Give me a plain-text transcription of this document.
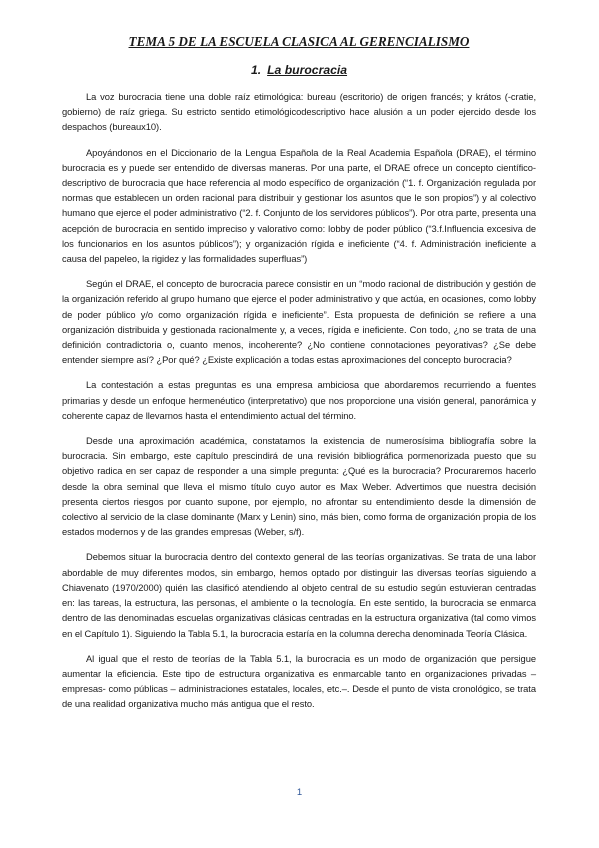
TEMA 5 DE LA ESCUELA CLASICA AL GERENCIALISMO
1. La burocracia

La voz burocracia tiene una doble raíz etimológica: bureau (escritorio) de origen francés; y krátos (-cratie, gobierno) de raíz griega. Su estricto sentido etimológicodescriptivo hace alusión a un poder ejercido desde los despachos (bureaux10).

Apoyándonos en el Diccionario de la Lengua Española de la Real Academia Española (DRAE), el término burocracia es y puede ser entendido de diversas maneras. Por una parte, el DRAE ofrece un concepto científico-descriptivo de burocracia que hace referencia al modo específico de organización (“1. f. Organización regulada por normas que establecen un orden racional para distribuir y gestionar los asuntos que le son propios”) y al colectivo humano que ejerce el poder administrativo (“2. f. Conjunto de los servidores públicos”). Por otra parte, presenta una acepción de burocracia en sentido impreciso y valorativo como: lobby de poder público (“3.f.Influencia excesiva de los funcionarios en los asuntos públicos”); y organización rígida e ineficiente (“4. f. Administración ineficiente a causa del papeleo, la rigidez y las formalidades superfluas”)

Según el DRAE, el concepto de burocracia parece consistir en un “modo racional de distribución y gestión de la organización referido al grupo humano que ejerce el poder administrativo y que actúa, en ocasiones, como lobby de poder público y/o como organización rígida e ineficiente”. Esta propuesta de definición se refiere a una organización distribuida y gestionada racionalmente y, a veces, rígida e ineficiente. Con todo, ¿no se trata de una definición contradictoria o, cuanto menos, incoherente? ¿No contiene connotaciones peyorativas? ¿Se debe entender siempre así? ¿Por qué? ¿Existe explicación a todas estas aproximaciones del concepto burocracia?

La contestación a estas preguntas es una empresa ambiciosa que abordaremos recurriendo a fuentes primarias y desde un enfoque hermenéutico (interpretativo) que nos proporcione una visión general, panorámica y coherente capaz de llevarnos hasta el entendimiento actual del término.

Desde una aproximación académica, constatamos la existencia de numerosísima bibliografía sobre la burocracia. Sin embargo, este capítulo prescindirá de una revisión bibliográfica pormenorizada puesto que su objetivo radica en ser capaz de responder a una simple pregunta: ¿Qué es la burocracia? Procuraremos hacerlo desde la obra seminal que lleva el mismo título cuyo autor es Max Weber. Advertimos que nuestra decisión presenta ciertos riesgos por cuanto supone, por ejemplo, no afrontar su entendimiento desde la dimensión de colectivo al servicio de la clase dominante (Marx y Lenin) sino, más bien, como forma de organización propia de los estados modernos y de las grandes empresas (Weber, s/f).

Debemos situar la burocracia dentro del contexto general de las teorías organizativas. Se trata de una labor abordable de muy diferentes modos, sin embargo, hemos optado por distinguir las diversas teorías siguiendo a Chiavenato (1970/2000) quién las clasificó atendiendo al objeto central de su estudio según estuvieran centradas en: las tareas, la estructura, las personas, el ambiente o la tecnología. En este sentido, la burocracia se enmarca dentro de las denominadas escuelas organizativas clásicas centradas en la estructura organizativa (tal como vimos en el Capítulo 1). Siguiendo la Tabla 5.1, la burocracia estaría en la columna derecha denominada Teoría Clásica.

Al igual que el resto de teorías de la Tabla 5.1, la burocracia es un modo de organización que persigue aumentar la eficiencia. Este tipo de estructura organizativa es enmarcable tanto en organizaciones privadas –empresas- como públicas – administraciones estatales, locales, etc.–. Desde el punto de vista cronológico, se trata de una realidad organizativa mucho más antigua que el resto.

1
